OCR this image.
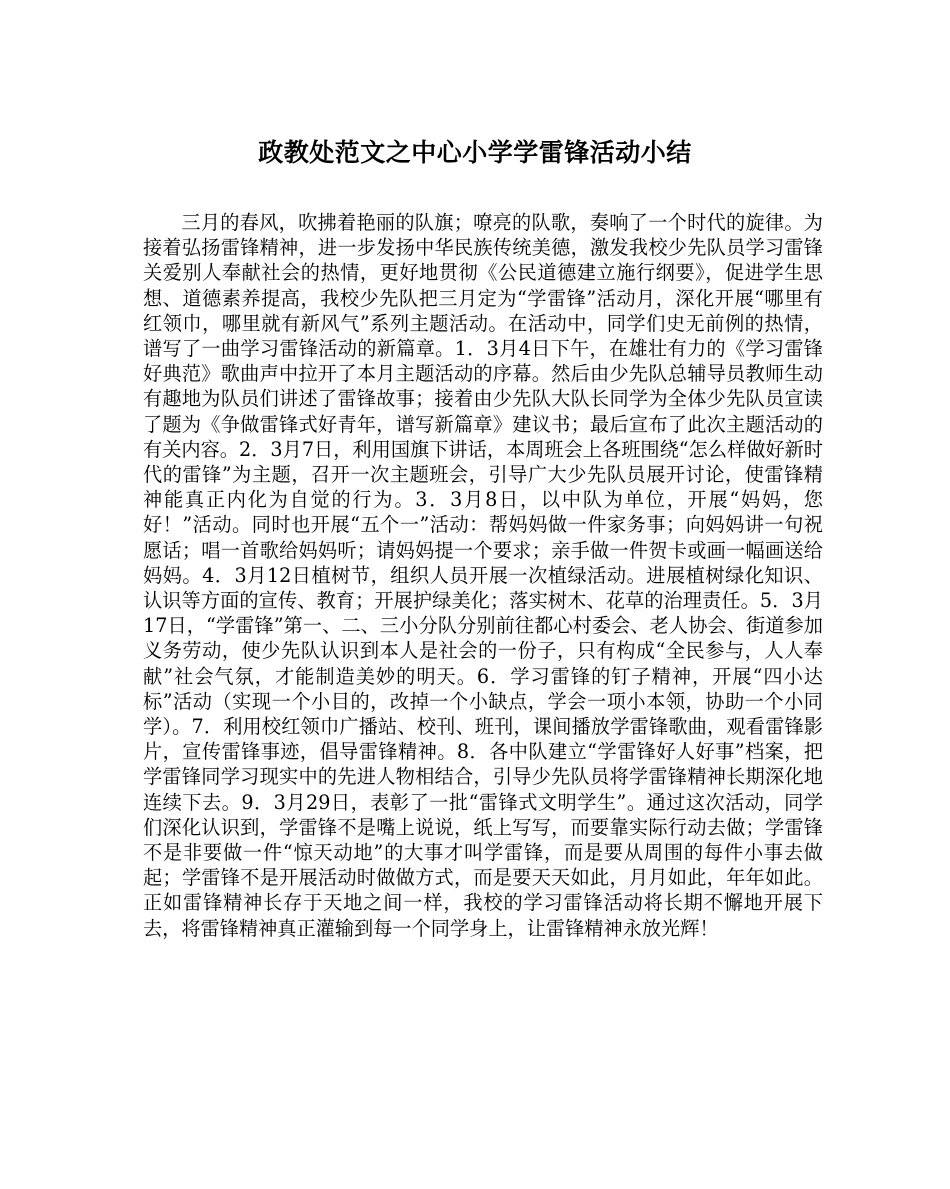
政教处范文之中心小学学雷锋活动小结

三月的春风，吹拂着艳丽的队旗；嘹亮的队歌，奏响了一个时代的旋律。为接着弘扬雷锋精神，进一步发扬中华民族传统美德，激发我校少先队员学习雷锋关爱别人奉献社会的热情，更好地贯彻《公民道德建立施行纲要》，促进学生思想、道德素养提高，我校少先队把三月定为“学雷锋”活动月，深化开展“哪里有红领巾，哪里就有新风气”系列主题活动。在活动中，同学们史无前例的热情，谱写了一曲学习雷锋活动的新篇章。1．3月4日下午，在雄壮有力的《学习雷锋好典范》歌曲声中拉开了本月主题活动的序幕。然后由少先队总辅导员教师生动有趣地为队员们讲述了雷锋故事；接着由少先队大队长同学为全体少先队员宣读了题为《争做雷锋式好青年，谱写新篇章》建议书；最后宣布了此次主题活动的有关内容。2．3月7日，利用国旗下讲话，本周班会上各班围绕“怎么样做好新时代的雷锋”为主题，召开一次主题班会，引导广大少先队员展开讨论，使雷锋精神能真正内化为自觉的行为。3．3月8日，以中队为单位，开展“妈妈，您好！”活动。同时也开展“五个一”活动：帮妈妈做一件家务事；向妈妈讲一句祝愿话；唱一首歌给妈妈听；请妈妈提一个要求；亲手做一件贺卡或画一幅画送给妈妈。4．3月12日植树节，组织人员开展一次植绿活动。进展植树绿化知识、认识等方面的宣传、教育；开展护绿美化；落实树木、花草的治理责任。5．3月17日，“学雷锋”第一、二、三小分队分别前往都心村委会、老人协会、街道参加义务劳动，使少先队认识到本人是社会的一份子，只有构成“全民参与，人人奉献”社会气氛，才能制造美妙的明天。6．学习雷锋的钉子精神，开展“四小达标”活动（实现一个小目的，改掉一个小缺点，学会一项小本领，协助一个小同学）。7．利用校红领巾广播站、校刊、班刊，课间播放学雷锋歌曲，观看雷锋影片，宣传雷锋事迹，倡导雷锋精神。8．各中队建立“学雷锋好人好事”档案，把学雷锋同学习现实中的先进人物相结合，引导少先队员将学雷锋精神长期深化地连续下去。9．3月29日，表彰了一批“雷锋式文明学生”。通过这次活动，同学们深化认识到，学雷锋不是嘴上说说，纸上写写，而要靠实际行动去做；学雷锋不是非要做一件“惊天动地”的大事才叫学雷锋，而是要从周围的每件小事去做起；学雷锋不是开展活动时做做方式，而是要天天如此，月月如此，年年如此。正如雷锋精神长存于天地之间一样，我校的学习雷锋活动将长期不懈地开展下去，将雷锋精神真正灌输到每一个同学身上，让雷锋精神永放光辉！
